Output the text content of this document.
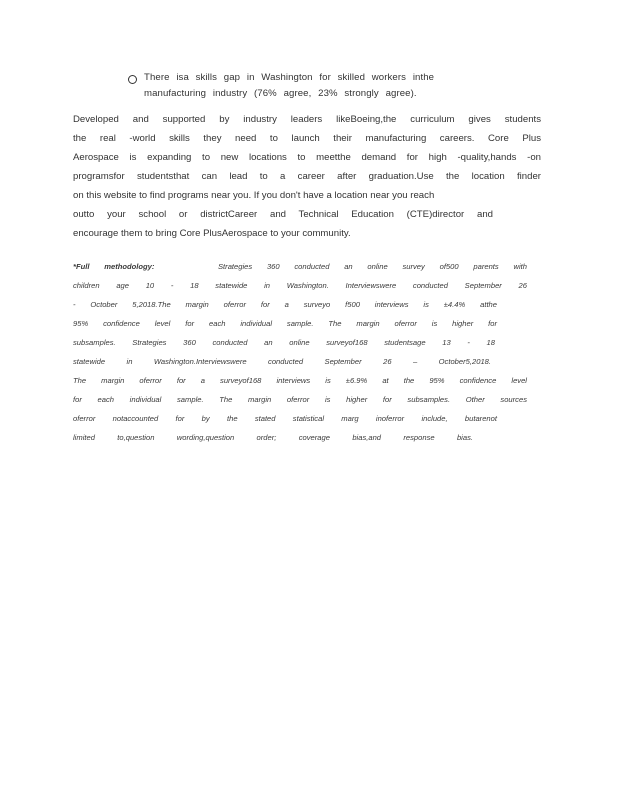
There isa skills gap in Washington for skilled workers inthe
manufacturing industry (76% agree, 23% strongly agree).
Developed and supported by industry leaders likeBoeing,the curriculum gives students
the real -world skills they need to launch their manufacturing careers. Core Plus
Aerospace is expanding to new locations to meetthe demand for high -quality,hands -on
programsfor studentsthat can lead to a career after graduation.Use the location finder
on this website to find programs near you. If you don't have a location near you reach
outto your school or districtCareer and Technical Education (CTE)director and
encourage them to bring Core PlusAerospace to your community.
*Full methodology:	Strategies 360 conducted an online survey of500 parents with
children age 10 - 18 statewide in Washington. Interviewswere conducted September 26
- October 5,2018.The margin oferror for a surveyo f500 interviews is ±4.4% atthe
95% confidence level for each individual sample. The margin oferror is higher for
subsamples. Strategies 360 conducted an online surveyof168 studentsage 13 - 18
statewide in Washington.Interviewswere conducted September 26 – October5,2018.
The margin oferror for a surveyof168 interviews is ±6.9% at the 95% confidence level
for each individual sample. The margin oferror is higher for subsamples. Other sources
oferror notaccounted for by the stated statistical marg inoferror include, butarenot
limited to,question wording,question order; coverage bias,and response bias.
